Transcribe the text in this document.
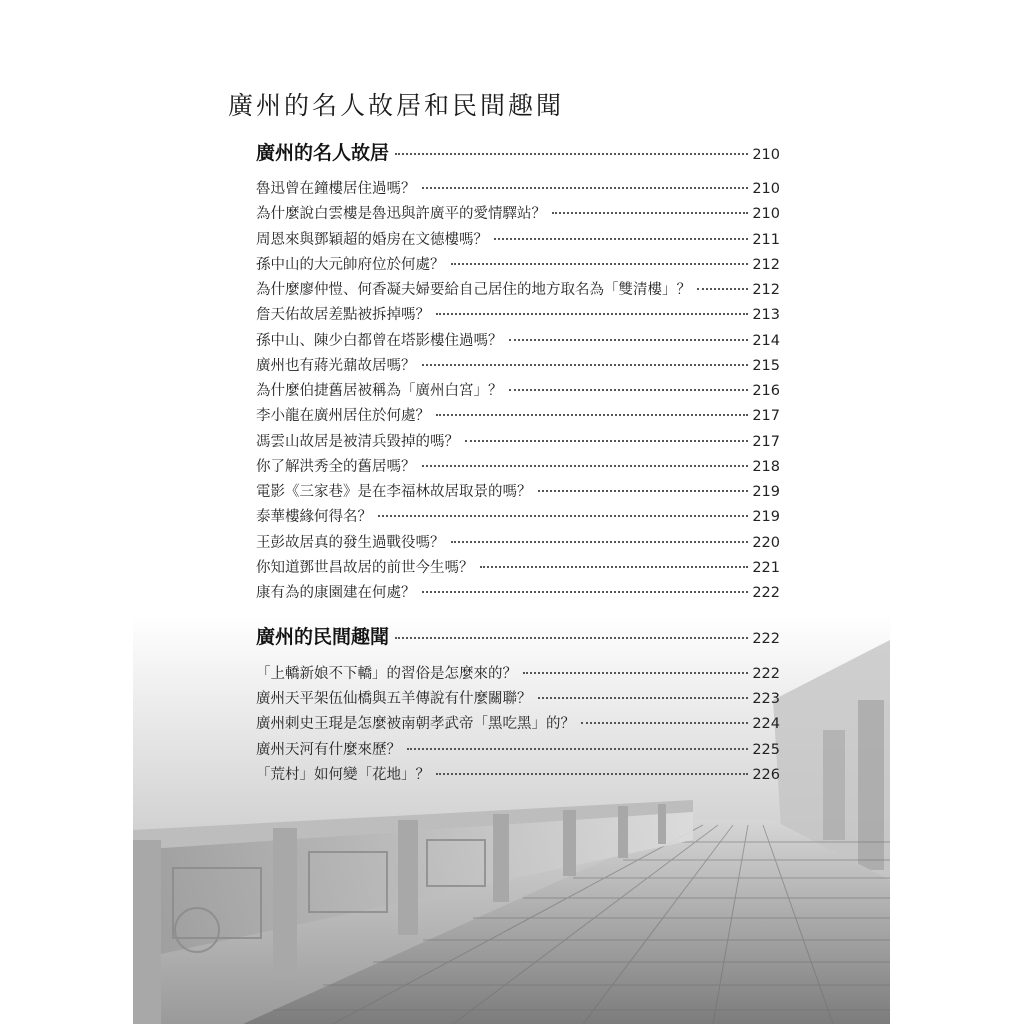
廣州的名人故居和民間趣聞
廣州的名人故居	210
魯迅曾在鐘樓居住過嗎？	210
為什麼說白雲樓是魯迅與許廣平的愛情驛站？	210
周恩來與鄧穎超的婚房在文德樓嗎？	211
孫中山的大元帥府位於何處？	212
為什麼廖仲愷、何香凝夫婦要給自己居住的地方取名為「雙清樓」？	212
詹天佑故居差點被拆掉嗎？	213
孫中山、陳少白都曾在塔影樓住過嗎？	214
廣州也有蔣光鼐故居嗎？	215
為什麼伯捷舊居被稱為「廣州白宮」？	216
李小龍在廣州居住於何處？	217
馮雲山故居是被清兵毀掉的嗎？	217
你了解洪秀全的舊居嗎？	218
電影《三家巷》是在李福林故居取景的嗎？	219
泰華樓緣何得名？	219
王彭故居真的發生過戰役嗎？	220
你知道鄧世昌故居的前世今生嗎？	221
康有為的康園建在何處？	222
廣州的民間趣聞	222
「上轎新娘不下轎」的習俗是怎麼來的？	222
廣州天平架伍仙橋與五羊傳說有什麼關聯？	223
廣州刺史王琨是怎麼被南朝孝武帝「黑吃黑」的？	224
廣州天河有什麼來歷？	225
「荒村」如何變「花地」？	226
